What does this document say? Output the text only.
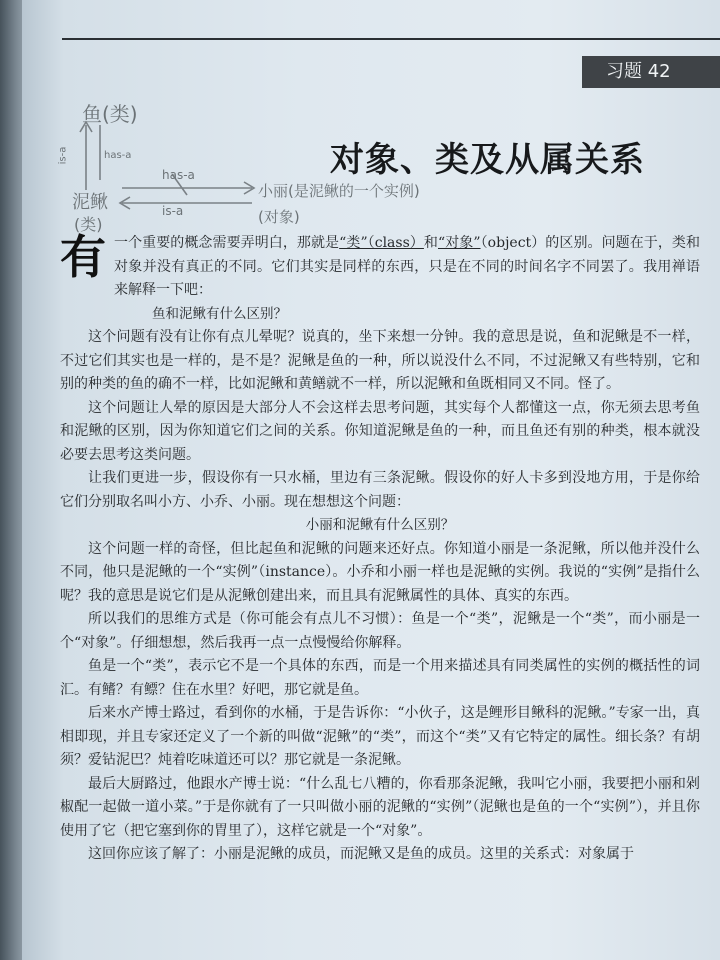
习题 42
对象、类及从属关系
鱼(类)
is-a	has-a
has-a
is-a
泥鳅
(类)
小丽(是泥鳅的一个实例)
(对象)

有一个重要的概念需要弄明白，那就是“类”（class）和“对象”（object）的区别。问题在于，类和对象并没有真正的不同。它们其实是同样的东西，只是在不同的时间名字不同罢了。我用禅语来解释一下吧：

鱼和泥鳅有什么区别？

这个问题有没有让你有点儿晕呢？说真的，坐下来想一分钟。我的意思是说，鱼和泥鳅是不一样，不过它们其实也是一样的，是不是？泥鳅是鱼的一种，所以说没什么不同，不过泥鳅又有些特别，它和别的种类的鱼的确不一样，比如泥鳅和黄鳝就不一样，所以泥鳅和鱼既相同又不同。怪了。

这个问题让人晕的原因是大部分人不会这样去思考问题，其实每个人都懂这一点，你无须去思考鱼和泥鳅的区别，因为你知道它们之间的关系。你知道泥鳅是鱼的一种，而且鱼还有别的种类，根本就没必要去思考这类问题。

让我们更进一步，假设你有一只水桶，里边有三条泥鳅。假设你的好人卡多到没地方用，于是你给它们分别取名叫小方、小乔、小丽。现在想想这个问题：

小丽和泥鳅有什么区别？

这个问题一样的奇怪，但比起鱼和泥鳅的问题来还好点。你知道小丽是一条泥鳅，所以他并没什么不同，他只是泥鳅的一个“实例”（instance）。小乔和小丽一样也是泥鳅的实例。我说的“实例”是指什么呢？我的意思是说它们是从泥鳅创建出来，而且具有泥鳅属性的具体、真实的东西。

所以我们的思维方式是（你可能会有点儿不习惯）：鱼是一个“类”，泥鳅是一个“类”，而小丽是一个“对象”。仔细想想，然后我再一点一点慢慢给你解释。

鱼是一个“类”，表示它不是一个具体的东西，而是一个用来描述具有同类属性的实例的概括性的词汇。有鳍？有鳔？住在水里？好吧，那它就是鱼。

后来水产博士路过，看到你的水桶，于是告诉你：“小伙子，这是鲤形目鳅科的泥鳅。”专家一出，真相即现，并且专家还定义了一个新的叫做“泥鳅”的“类”，而这个“类”又有它特定的属性。细长条？有胡须？爱钻泥巴？炖着吃味道还可以？那它就是一条泥鳅。

最后大厨路过，他跟水产博士说：“什么乱七八糟的，你看那条泥鳅，我叫它小丽，我要把小丽和剁椒配一起做一道小菜。”于是你就有了一只叫做小丽的泥鳅的“实例”（泥鳅也是鱼的一个“实例”），并且你使用了它（把它塞到你的胃里了），这样它就是一个“对象”。

这回你应该了解了：小丽是泥鳅的成员，而泥鳅又是鱼的成员。这里的关系式：对象属于
